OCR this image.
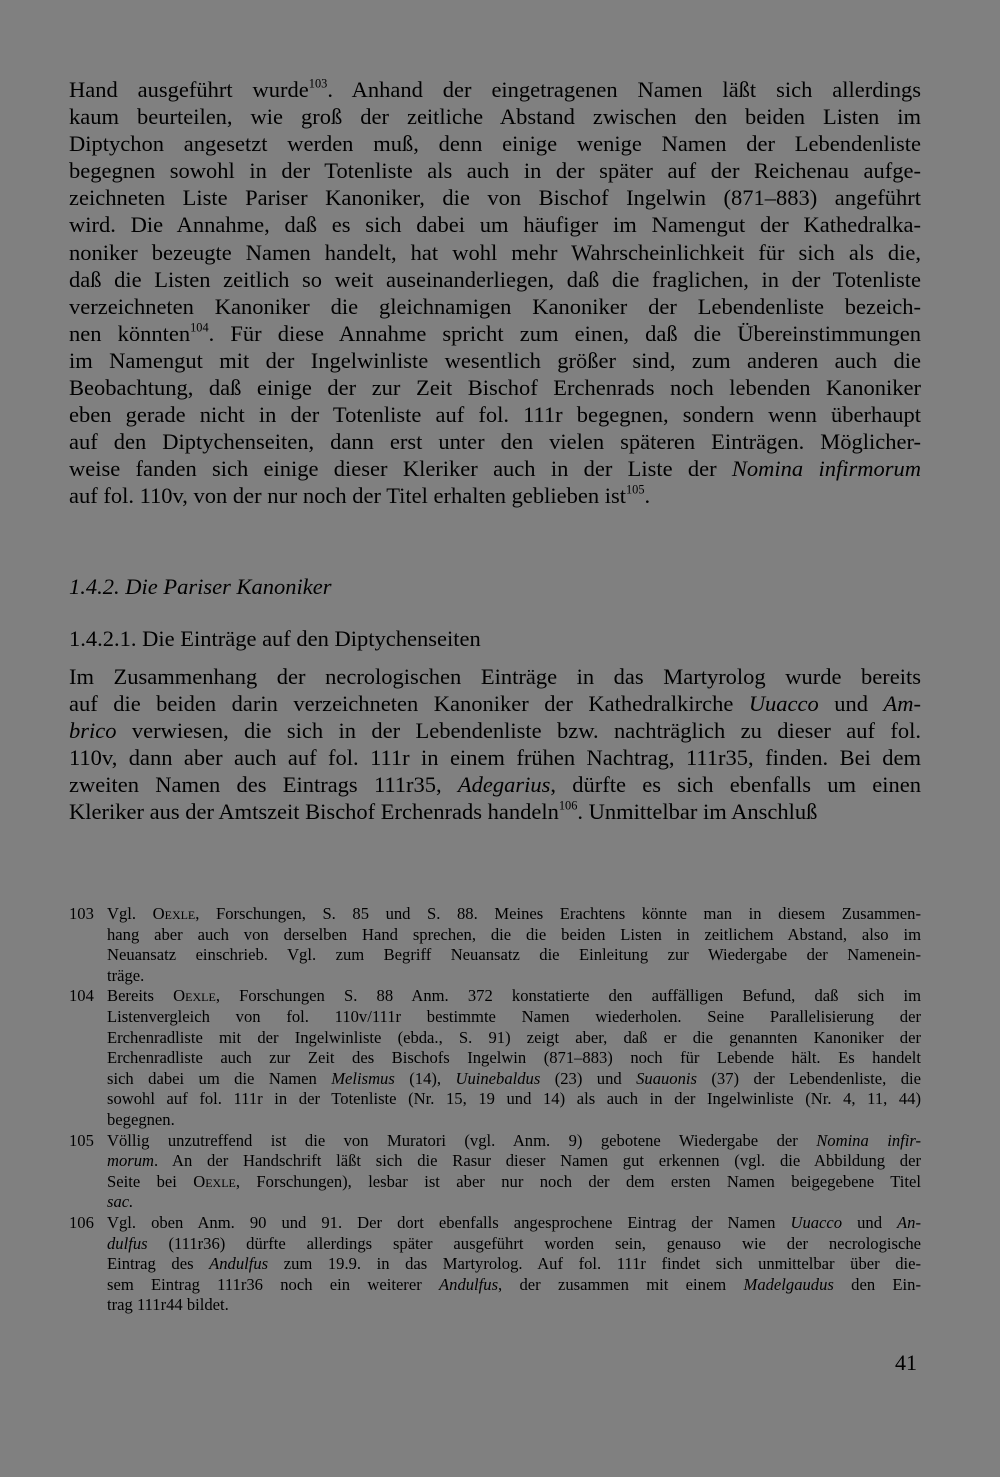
Hand ausgeführt wurde$^{103}$. Anhand der eingetragenen Namen läßt sich allerdings
kaum beurteilen, wie groß der zeitliche Abstand zwischen den beiden Listen im
Diptychon angesetzt werden muß, denn einige wenige Namen der Lebendenliste
begegnen sowohl in der Totenliste als auch in der später auf der Reichenau aufge-
zeichneten Liste Pariser Kanoniker, die von Bischof Ingelwin (871–883) angeführt
wird. Die Annahme, daß es sich dabei um häufiger im Namengut der Kathedralka-
noniker bezeugte Namen handelt, hat wohl mehr Wahrscheinlichkeit für sich als die,
daß die Listen zeitlich so weit auseinanderliegen, daß die fraglichen, in der Totenliste
verzeichneten Kanoniker die gleichnamigen Kanoniker der Lebendenliste bezeich-
nen könnten$^{104}$. Für diese Annahme spricht zum einen, daß die Übereinstimmungen
im Namengut mit der Ingelwinliste wesentlich größer sind, zum anderen auch die
Beobachtung, daß einige der zur Zeit Bischof Erchenrads noch lebenden Kanoniker
eben gerade nicht in der Totenliste auf fol. 111r begegnen, sondern wenn überhaupt
auf den Diptychenseiten, dann erst unter den vielen späteren Einträgen. Möglicher-
weise fanden sich einige dieser Kleriker auch in der Liste der Nomina infirmorum
auf fol. 110v, von der nur noch der Titel erhalten geblieben ist$^{105}$.
1.4.2. Die Pariser Kanoniker
1.4.2.1. Die Einträge auf den Diptychenseiten
Im Zusammenhang der necrologischen Einträge in das Martyrolog wurde bereits
auf die beiden darin verzeichneten Kanoniker der Kathedralkirche Uuacco und Am-
brico verwiesen, die sich in der Lebendenliste bzw. nachträglich zu dieser auf fol.
110v, dann aber auch auf fol. 111r in einem frühen Nachtrag, 111r35, finden. Bei dem
zweiten Namen des Eintrags 111r35, Adegarius, dürfte es sich ebenfalls um einen
Kleriker aus der Amtszeit Bischof Erchenrads handeln$^{106}$. Unmittelbar im Anschluß
103 Vgl. Oexle, Forschungen, S. 85 und S. 88. Meines Erachtens könnte man in diesem Zusammen-
hang aber auch von derselben Hand sprechen, die die beiden Listen in zeitlichem Abstand, also im
Neuansatz einschrieb. Vgl. zum Begriff Neuansatz die Einleitung zur Wiedergabe der Namenein-
träge.
104 Bereits Oexle, Forschungen S. 88 Anm. 372 konstatierte den auffälligen Befund, daß sich im
Listenvergleich von fol. 110v/111r bestimmte Namen wiederholen. Seine Parallelisierung der
Erchenradliste mit der Ingelwinliste (ebda., S. 91) zeigt aber, daß er die genannten Kanoniker der
Erchenradliste auch zur Zeit des Bischofs Ingelwin (871–883) noch für Lebende hält. Es handelt
sich dabei um die Namen Melismus (14), Uuinebaldus (23) und Suauonis (37) der Lebendenliste, die
sowohl auf fol. 111r in der Totenliste (Nr. 15, 19 und 14) als auch in der Ingelwinliste (Nr. 4, 11, 44)
begegnen.
105 Völlig unzutreffend ist die von Muratori (vgl. Anm. 9) gebotene Wiedergabe der Nomina infir-
morum. An der Handschrift läßt sich die Rasur dieser Namen gut erkennen (vgl. die Abbildung der
Seite bei Oexle, Forschungen), lesbar ist aber nur noch der dem ersten Namen beigegebene Titel
sac.
106 Vgl. oben Anm. 90 und 91. Der dort ebenfalls angesprochene Eintrag der Namen Uuacco und An-
dulfus (111r36) dürfte allerdings später ausgeführt worden sein, genauso wie der necrologische
Eintrag des Andulfus zum 19.9. in das Martyrolog. Auf fol. 111r findet sich unmittelbar über die-
sem Eintrag 111r36 noch ein weiterer Andulfus, der zusammen mit einem Madelgaudus den Ein-
trag 111r44 bildet.
41
